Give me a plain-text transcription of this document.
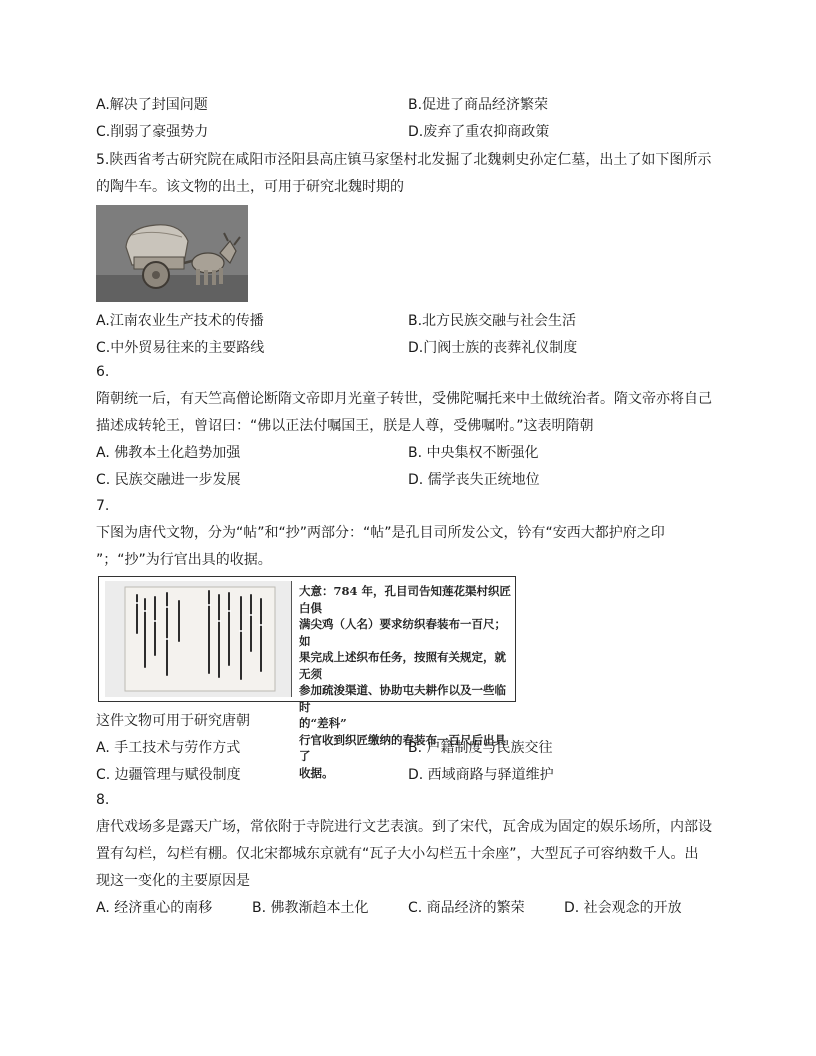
A.解决了封国问题	B.促进了商品经济繁荣
C.削弱了豪强势力	D.废弃了重农抑商政策
5.陕西省考古研究院在咸阳市泾阳县高庄镇马家堡村北发掘了北魏刺史孙定仁墓，出土了如下图所示
的陶牛车。该文物的出土，可用于研究北魏时期的
A.江南农业生产技术的传播	B.北方民族交融与社会生活
C.中外贸易往来的主要路线	D.门阀士族的丧葬礼仪制度
6.
隋朝统一后，有天竺高僧论断隋文帝即月光童子转世，受佛陀嘱托来中土做统治者。隋文帝亦将自己
描述成转轮王，曾诏曰：“佛以正法付嘱国王，朕是人尊，受佛嘱咐。”这表明隋朝
A. 佛教本土化趋势加强	B. 中央集权不断强化
C. 民族交融进一步发展	D. 儒学丧失正统地位
7.
下图为唐代文物，分为“帖”和“抄”两部分：“帖”是孔目司所发公文，钤有“安西大都护府之印
”；“抄”为行官出具的收据。
大意：784 年，孔目司告知莲花渠村织匠白俱
满尖鸡（人名）要求纺织春装布一百尺；如
果完成上述织布任务，按照有关规定，就无须
参加疏浚渠道、协助屯夫耕作以及一些临时
的“差科”
行官收到织匠缴纳的春装布一百尺后出具了
收据。
这件文物可用于研究唐朝
A. 手工技术与劳作方式	B. 户籍制度与民族交往
C. 边疆管理与赋役制度	D. 西域商路与驿道维护
8.
唐代戏场多是露天广场，常依附于寺院进行文艺表演。到了宋代，瓦舍成为固定的娱乐场所，内部设
置有勾栏，勾栏有棚。仅北宋都城东京就有“瓦子大小勾栏五十余座”，大型瓦子可容纳数千人。出
现这一变化的主要原因是
A. 经济重心的南移	B. 佛教渐趋本土化	C. 商品经济的繁荣	D. 社会观念的开放
